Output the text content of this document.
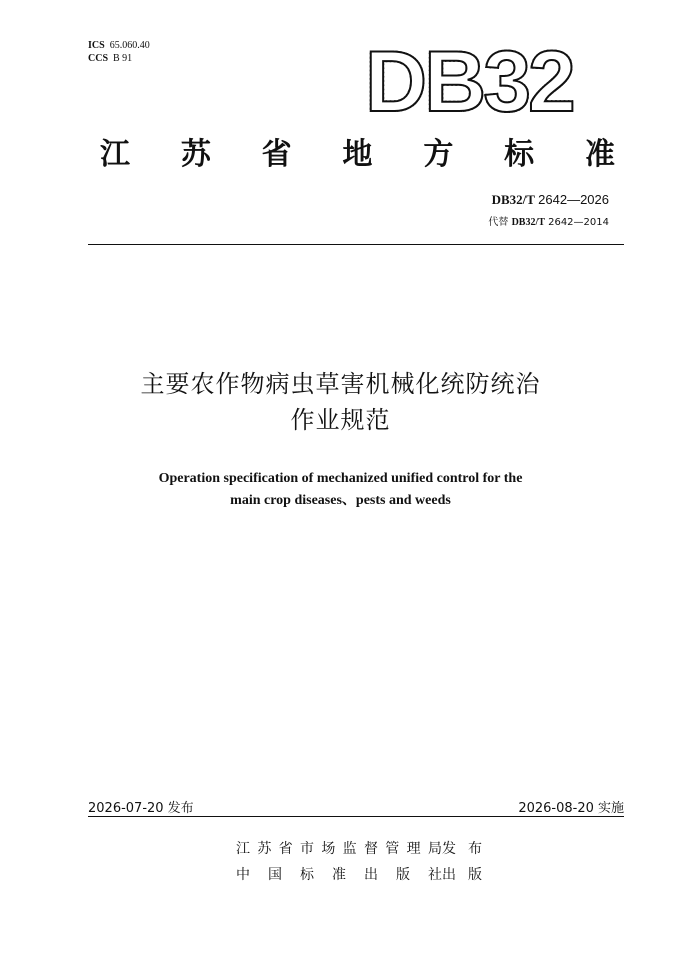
ICS 65.060.40
CCS B 91	DB32
江 苏 省 地 方 标 准
DB32/T 2642—2026
代替 DB32/T 2642—2014
主要农作物病虫草害机械化统防统治
作业规范
Operation specification of mechanized unified control for the
main crop diseases、pests and weeds
2026-07-20 发布	2026-08-20 实施
江 苏 省 市 场 监 督 管 理 局 发 布
中 国 标 准 出 版 社 出 版
